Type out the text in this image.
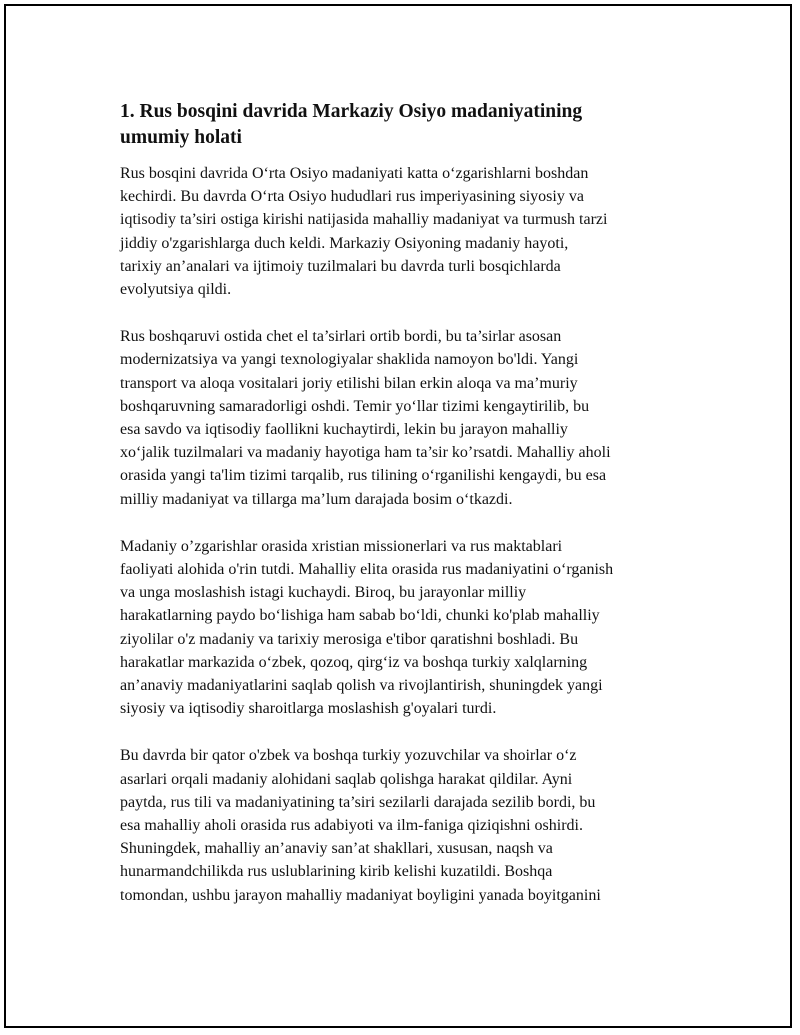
1. Rus bosqini davrida Markaziy Osiyo madaniyatining
umumiy holati

Rus bosqini davrida O‘rta Osiyo madaniyati katta o‘zgarishlarni boshdan
kechirdi. Bu davrda O‘rta Osiyo hududlari rus imperiyasining siyosiy va
iqtisodiy ta’siri ostiga kirishi natijasida mahalliy madaniyat va turmush tarzi
jiddiy o'zgarishlarga duch keldi. Markaziy Osiyoning madaniy hayoti,
tarixiy an’analari va ijtimoiy tuzilmalari bu davrda turli bosqichlarda
evolyutsiya qildi.

Rus boshqaruvi ostida chet el ta’sirlari ortib bordi, bu ta’sirlar asosan
modernizatsiya va yangi texnologiyalar shaklida namoyon bo'ldi. Yangi
transport va aloqa vositalari joriy etilishi bilan erkin aloqa va ma’muriy
boshqaruvning samaradorligi oshdi. Temir yo‘llar tizimi kengaytirilib, bu
esa savdo va iqtisodiy faollikni kuchaytirdi, lekin bu jarayon mahalliy
xo‘jalik tuzilmalari va madaniy hayotiga ham ta’sir ko’rsatdi. Mahalliy aholi
orasida yangi ta'lim tizimi tarqalib, rus tilining o‘rganilishi kengaydi, bu esa
milliy madaniyat va tillarga ma’lum darajada bosim o‘tkazdi.

Madaniy o’zgarishlar orasida xristian missionerlari va rus maktablari
faoliyati alohida o'rin tutdi. Mahalliy elita orasida rus madaniyatini o‘rganish
va unga moslashish istagi kuchaydi. Biroq, bu jarayonlar milliy
harakatlarning paydo bo‘lishiga ham sabab bo‘ldi, chunki ko'plab mahalliy
ziyolilar o'z madaniy va tarixiy merosiga e'tibor qaratishni boshladi. Bu
harakatlar markazida o‘zbek, qozoq, qirg‘iz va boshqa turkiy xalqlarning
an’anaviy madaniyatlarini saqlab qolish va rivojlantirish, shuningdek yangi
siyosiy va iqtisodiy sharoitlarga moslashish g'oyalari turdi.

Bu davrda bir qator o'zbek va boshqa turkiy yozuvchilar va shoirlar o‘z
asarlari orqali madaniy alohidani saqlab qolishga harakat qildilar. Ayni
paytda, rus tili va madaniyatining ta’siri sezilarli darajada sezilib bordi, bu
esa mahalliy aholi orasida rus adabiyoti va ilm-faniga qiziqishni oshirdi.
Shuningdek, mahalliy an’anaviy san’at shakllari, xususan, naqsh va
hunarmandchilikda rus uslublarining kirib kelishi kuzatildi. Boshqa
tomondan, ushbu jarayon mahalliy madaniyat boyligini yanada boyitganini
